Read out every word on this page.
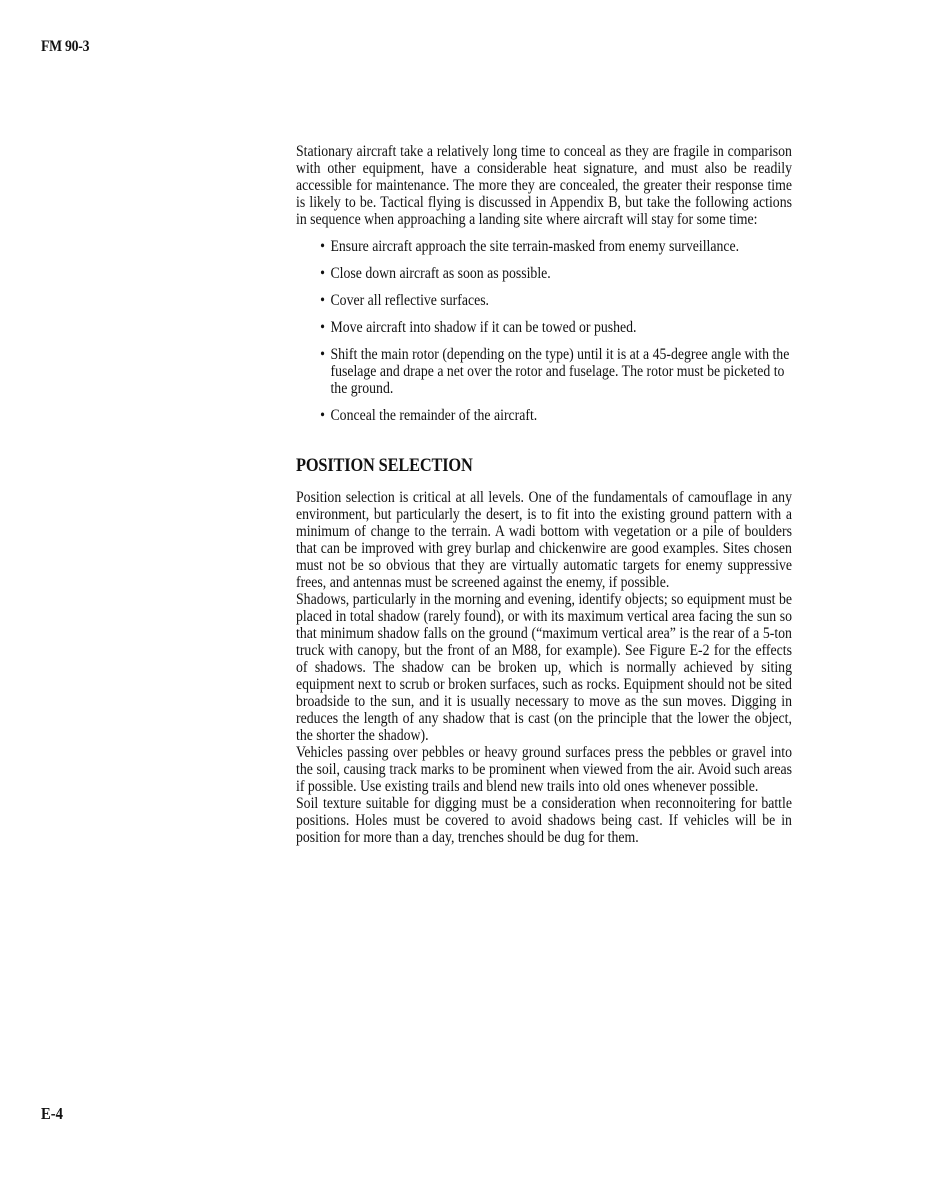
FM 90-3

Stationary aircraft take a relatively long time to conceal as they are fragile in comparison with other equipment, have a considerable heat signature, and must also be readily accessible for maintenance. The more they are concealed, the greater their response time is likely to be. Tactical flying is discussed in Appendix B, but take the following actions in sequence when approaching a landing site where aircraft will stay for some time:

• Ensure aircraft approach the site terrain-masked from enemy surveillance.
• Close down aircraft as soon as possible.
• Cover all reflective surfaces.
• Move aircraft into shadow if it can be towed or pushed.
• Shift the main rotor (depending on the type) until it is at a 45-degree angle with the fuselage and drape a net over the rotor and fuselage. The rotor must be picketed to the ground.
• Conceal the remainder of the aircraft.
POSITION SELECTION

Position selection is critical at all levels. One of the fundamentals of camouflage in any environment, but particularly the desert, is to fit into the existing ground pattern with a minimum of change to the terrain. A wadi bottom with vegetation or a pile of boulders that can be improved with grey burlap and chickenwire are good examples. Sites chosen must not be so obvious that they are virtually automatic targets for enemy suppressive frees, and antennas must be screened against the enemy, if possible.

Shadows, particularly in the morning and evening, identify objects; so equipment must be placed in total shadow (rarely found), or with its maximum vertical area facing the sun so that minimum shadow falls on the ground (“maximum vertical area” is the rear of a 5-ton truck with canopy, but the front of an M88, for example). See Figure E-2 for the effects of shadows. The shadow can be broken up, which is normally achieved by siting equipment next to scrub or broken surfaces, such as rocks. Equipment should not be sited broadside to the sun, and it is usually necessary to move as the sun moves. Digging in reduces the length of any shadow that is cast (on the principle that the lower the object, the shorter the shadow).

Vehicles passing over pebbles or heavy ground surfaces press the pebbles or gravel into the soil, causing track marks to be prominent when viewed from the air. Avoid such areas if possible. Use existing trails and blend new trails into old ones whenever possible.

Soil texture suitable for digging must be a consideration when reconnoitering for battle positions. Holes must be covered to avoid shadows being cast. If vehicles will be in position for more than a day, trenches should be dug for them.

E-4
